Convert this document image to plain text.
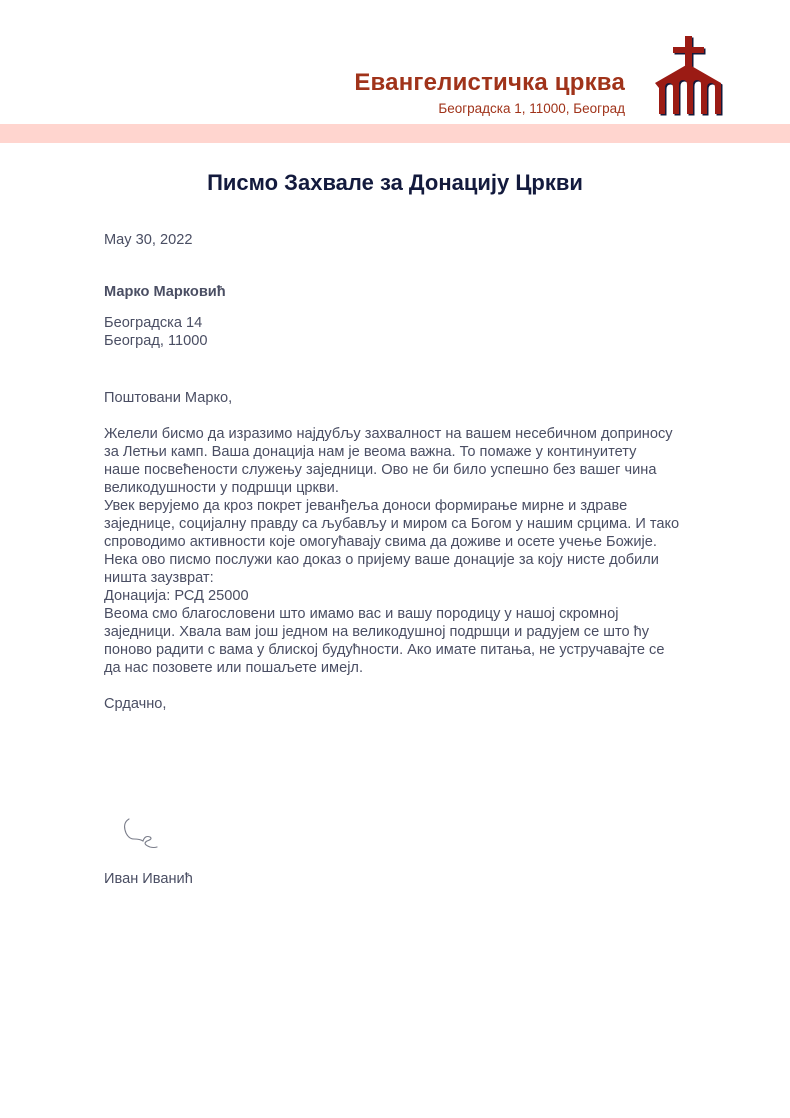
Евангелистичка црква
Београдска 1, 11000, Београд
Писмо Захвале за Донацију Цркви
May 30, 2022
Марко Марковић
Београдска 14
Београд, 11000
Поштовани Марко,

Желели бисмо да изразимо најдубљу захвалност на вашем несебичном доприносу

за Летњи камп. Ваша донација нам је веома важна. То помаже у континуитету

наше посвећености служењу заједници. Ово не би било успешно без вашег чина

великодушности у подршци цркви.

Увек верујемо да кроз покрет јеванђеља доноси формирање мирне и здраве

заједнице, социјалну правду са љубављу и миром са Богом у нашим срцима. И тако

спроводимо активности које омогућавају свима да доживе и осете учење Божије.

Нека ово писмо послужи као доказ о пријему ваше донације за коју нисте добили

ништа заузврат:

Донација: РСД 25000

Веома смо благословени што имамо вас и вашу породицу у нашој скромној

заједници. Хвала вам још једном на великодушној подршци и радујем се што ћу

поново радити с вама у блиској будућности. Ако имате питања, не устручавајте се

да нас позовете или пошаљете имејл.

Срдачно,
Иван Иванић
